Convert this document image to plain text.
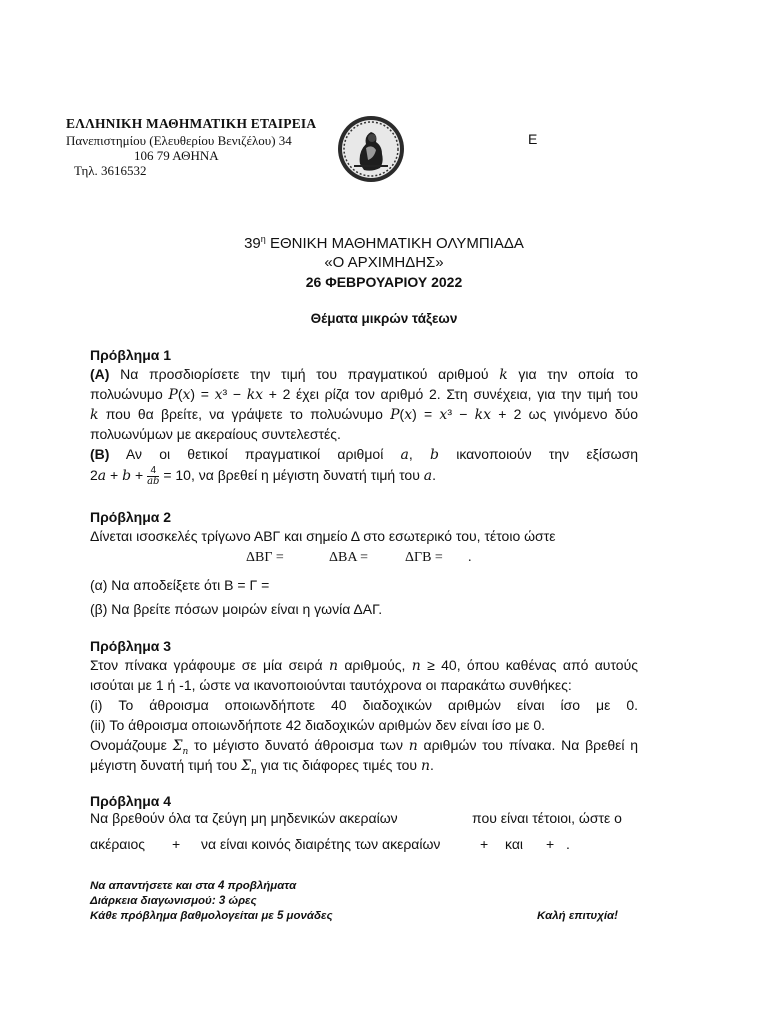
ΕΛΛΗΝΙΚΗ ΜΑΘΗΜΑΤΙΚΗ ΕΤΑΙΡΕΙΑ
Πανεπιστημίου (Ελευθερίου Βενιζέλου) 34
106 79 ΑΘΗΝΑ
Τηλ. 3616532
E
$39^\eta$ ΕΘΝΙΚΗ ΜΑΘΗΜΑΤΙΚΗ ΟΛΥΜΠΙΑΔΑ
«Ο ΑΡΧΙΜΗΔΗΣ»
26 ΦΕΒΡΟΥΑΡΙΟΥ 2022
Θέματα μικρών τάξεων
Πρόβλημα 1
(Α) Να προσδιορίσετε την τιμή του πραγματικού αριθμού k για την οποία το
πολυώνυμο P(x) = x³ − kx + 2 έχει ρίζα τον αριθμό 2. Στη συνέχεια, για την τιμή του
k που θα βρείτε, να γράψετε το πολυώνυμο P(x) = x³ − kx + 2 ως γινόμενο δύο
πολυωνύμων με ακεραίους συντελεστές.
(Β) Αν οι θετικοί πραγματικοί αριθμοί a, b ικανοποιούν την εξίσωση
$2a + b + \frac{4}{ab} = 10$, να βρεθεί η μέγιστη δυνατή τιμή του a.
Πρόβλημα 2
Δίνεται ισοσκελές τρίγωνο ΑΒΓ και σημείο Δ στο εσωτερικό του, τέτοιο ώστε
ΔΒΓ =	ΔΒΑ =	ΔΓΒ = .
(α) Να αποδείξετε ότι Β = Γ =
(β) Να βρείτε πόσων μοιρών είναι η γωνία ΔΑΓ.
Πρόβλημα 3
Στον πίνακα γράφουμε σε μία σειρά n αριθμούς, n ≥ 40, όπου καθένας από αυτούς
ισούται με 1 ή -1, ώστε να ικανοποιούνται ταυτόχρονα οι παρακάτω συνθήκες:
(i) Το άθροισμα οποιωνδήποτε 40 διαδοχικών αριθμών είναι ίσο με 0.
(ii) Το άθροισμα οποιωνδήποτε 42 διαδοχικών αριθμών δεν είναι ίσο με 0.
Ονομάζουμε $\Sigma_n$ το μέγιστο δυνατό άθροισμα των n αριθμών του πίνακα. Να βρεθεί η
μέγιστη δυνατή τιμή του $\Sigma_n$ για τις διάφορες τιμές του n.
Πρόβλημα 4
Να βρεθούν όλα τα ζεύγη μη μηδενικών ακεραίων	που είναι τέτοιοι, ώστε ο
ακέραιος + να είναι κοινός διαιρέτης των ακεραίων	+ και + .
Να απαντήσετε και στα 4 προβλήματα
Διάρκεια διαγωνισμού: 3 ώρες
Κάθε πρόβλημα βαθμολογείται με 5 μονάδες	Καλή επιτυχία!
